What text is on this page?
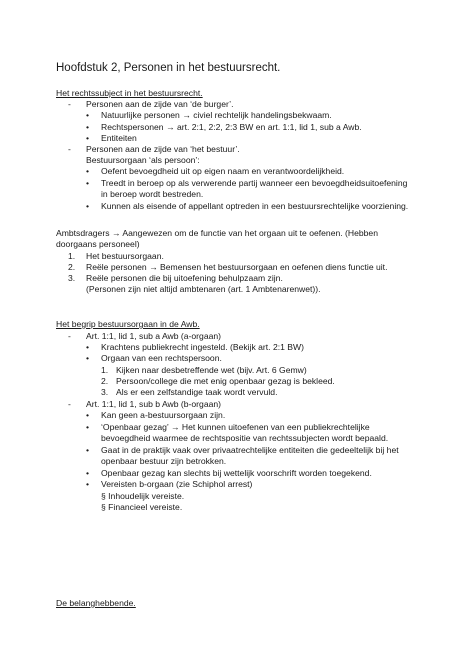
Hoofdstuk 2, Personen in het bestuursrecht.
Het rechtssubject in het bestuursrecht.
- Personen aan de zijde van ‘de burger’.
• Natuurlijke personen → civiel rechtelijk handelingsbekwaam.
• Rechtspersonen → art. 2:1, 2:2, 2:3 BW en art. 1:1, lid 1, sub a Awb.
• Entiteiten
- Personen aan de zijde van ‘het bestuur’.
Bestuursorgaan ‘als persoon’:
• Oefent bevoegdheid uit op eigen naam en verantwoordelijkheid.
• Treedt in beroep op als verwerende partij wanneer een bevoegdheidsuitoefening
in beroep wordt bestreden.
• Kunnen als eisende of appellant optreden in een bestuursrechtelijke voorziening.
Ambtsdragers → Aangewezen om de functie van het orgaan uit te oefenen. (Hebben
doorgaans personeel)
1. Het bestuursorgaan.
2. Reële personen → Bemensen het bestuursorgaan en oefenen diens functie uit.
3. Reële personen die bij uitoefening behulpzaam zijn.
(Personen zijn niet altijd ambtenaren (art. 1 Ambtenarenwet)).
Het begrip bestuursorgaan in de Awb.
- Art. 1:1, lid 1, sub a Awb (a-orgaan)
• Krachtens publiekrecht ingesteld. (Bekijk art. 2:1 BW)
• Orgaan van een rechtspersoon.
1. Kijken naar desbetreffende wet (bijv. Art. 6 Gemw)
2. Persoon/college die met enig openbaar gezag is bekleed.
3. Als er een zelfstandige taak wordt vervuld.
- Art. 1:1, lid 1, sub b Awb (b-orgaan)
• Kan geen a-bestuursorgaan zijn.
• ‘Openbaar gezag’ → Het kunnen uitoefenen van een publiekrechtelijke
bevoegdheid waarmee de rechtspositie van rechtssubjecten wordt bepaald.
• Gaat in de praktijk vaak over privaatrechtelijke entiteiten die gedeeltelijk bij het
openbaar bestuur zijn betrokken.
• Openbaar gezag kan slechts bij wettelijk voorschrift worden toegekend.
• Vereisten b-orgaan (zie Schiphol arrest)
§ Inhoudelijk vereiste.
§ Financieel vereiste.
De belanghebbende.
